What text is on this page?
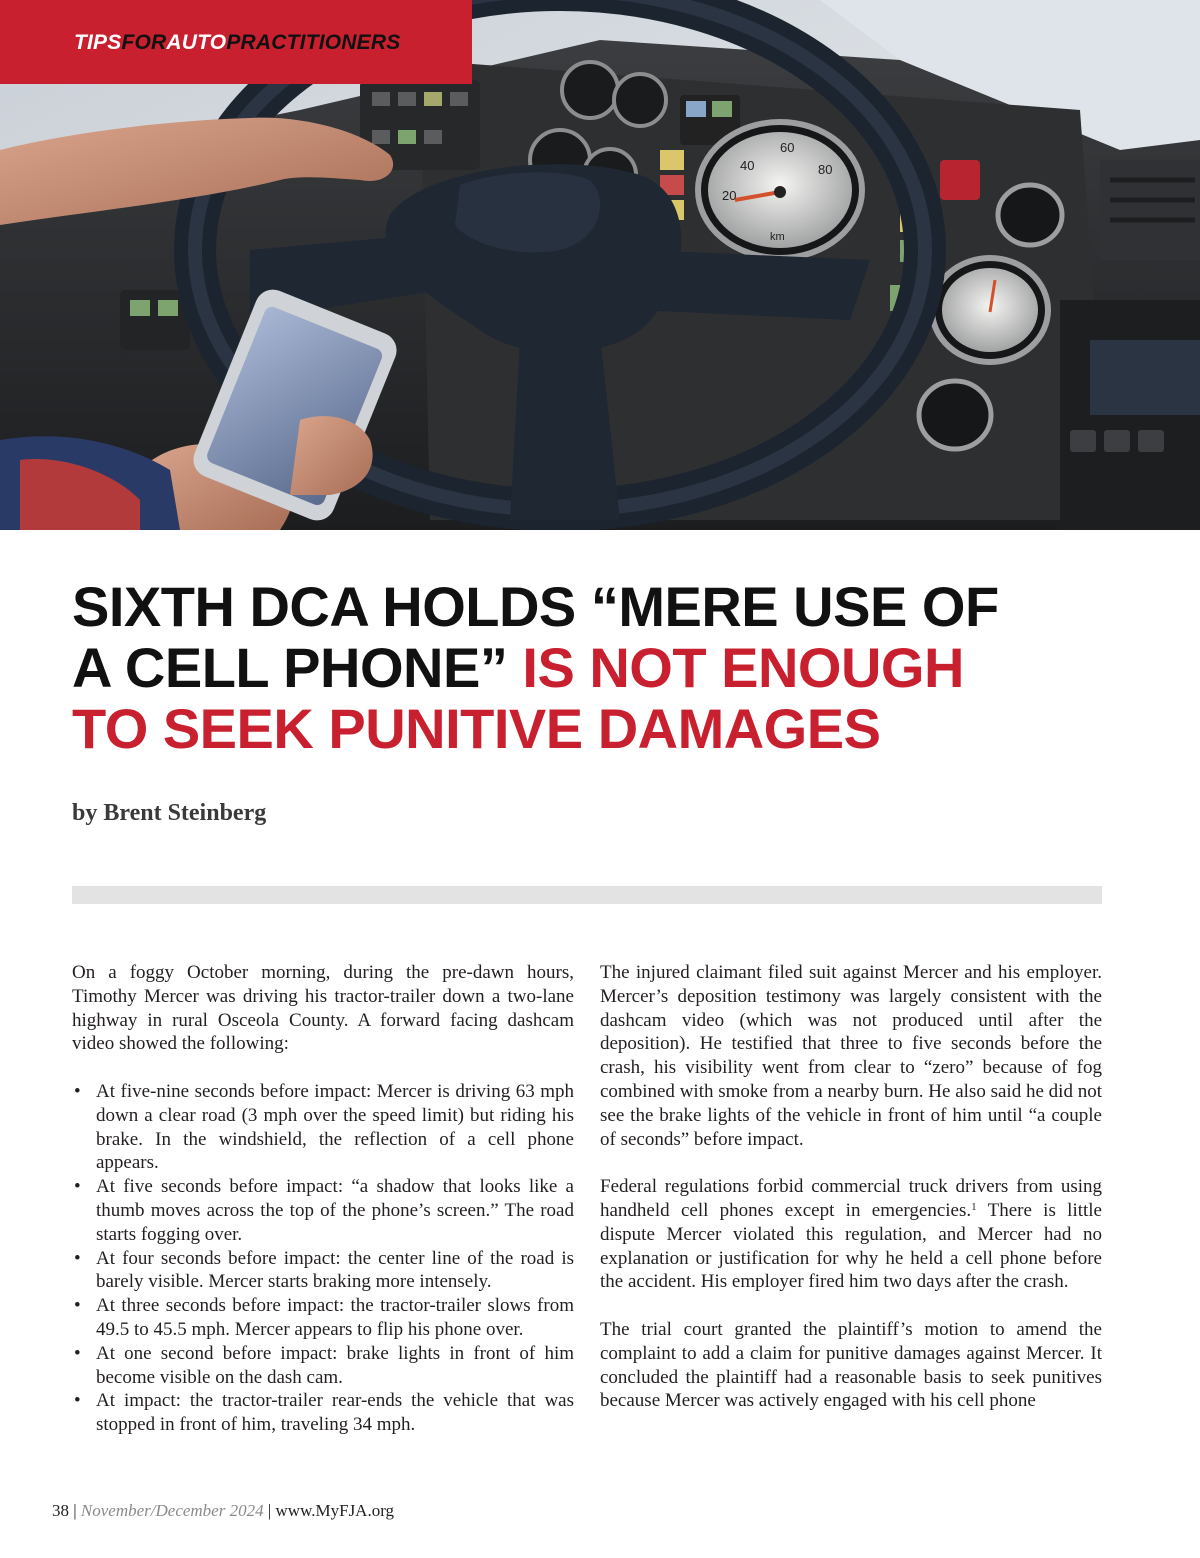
40
60
80
20
km
TIPSFORAUTOPRACTITIONERS
SIXTH DCA HOLDS “MERE USE OF
A CELL PHONE” IS NOT ENOUGH
TO SEEK PUNITIVE DAMAGES
by Brent Steinberg

On a foggy October morning, during the pre-dawn hours, Timothy Mercer was driving his tractor-trailer down a two-lane highway in rural Osceola County. A forward facing dashcam video showed the following:

• At five-nine seconds before impact: Mercer is driving 63 mph down a clear road (3 mph over the speed limit) but riding his brake. In the windshield, the reflection of a cell phone appears.
• At five seconds before impact: “a shadow that looks like a thumb moves across the top of the phone’s screen.” The road starts fogging over.
• At four seconds before impact: the center line of the road is barely visible. Mercer starts braking more intensely.
• At three seconds before impact: the tractor-trailer slows from 49.5 to 45.5 mph. Mercer appears to flip his phone over.
• At one second before impact: brake lights in front of him become visible on the dash cam.
• At impact: the tractor-trailer rear-ends the vehicle that was stopped in front of him, traveling 34 mph.

The injured claimant filed suit against Mercer and his employer. Mercer’s deposition testimony was largely consistent with the dashcam video (which was not produced until after the deposition). He testified that three to five seconds before the crash, his visibility went from clear to “zero” because of fog combined with smoke from a nearby burn. He also said he did not see the brake lights of the vehicle in front of him until “a couple of seconds” before impact.

Federal regulations forbid commercial truck drivers from using handheld cell phones except in emergencies.$^1$ There is little dispute Mercer violated this regulation, and Mercer had no explanation or justification for why he held a cell phone before the accident. His employer fired him two days after the crash.

The trial court granted the plaintiff’s motion to amend the complaint to add a claim for punitive damages against Mercer. It concluded the plaintiff had a reasonable basis to seek punitives because Mercer was actively engaged with his cell phone

38 | November/December 2024 | www.MyFJA.org
